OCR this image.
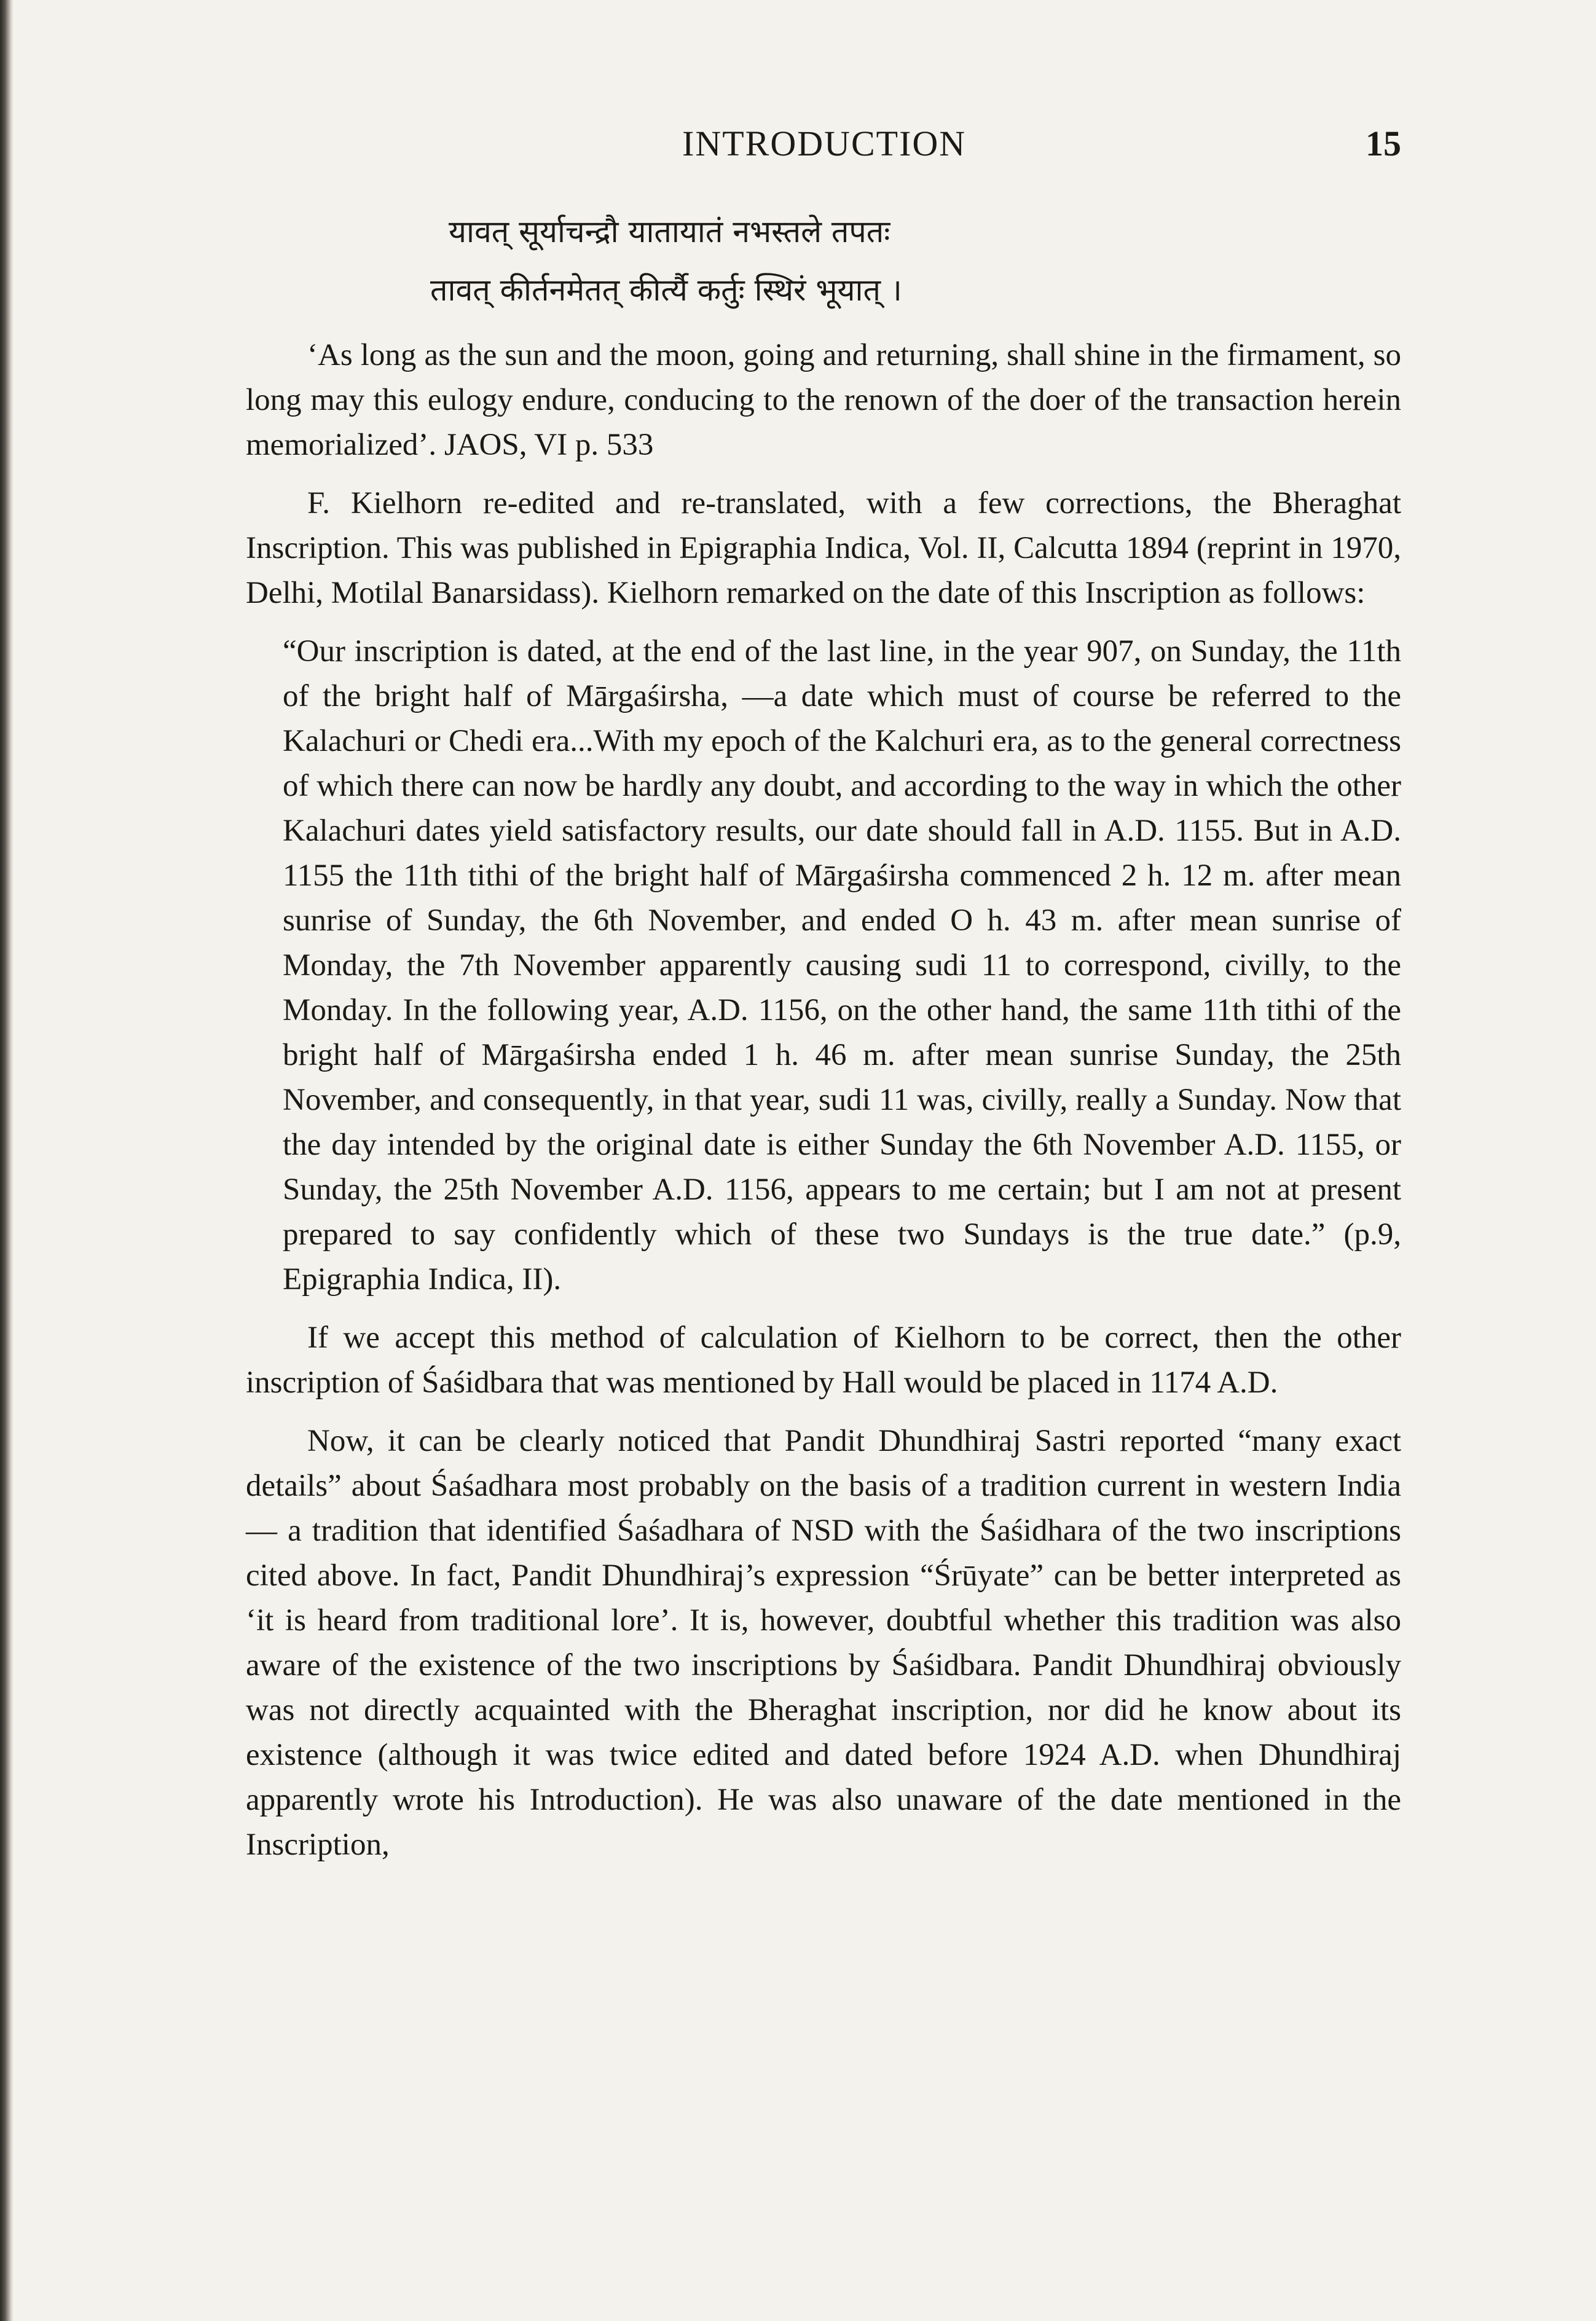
INTRODUCTION	15
यावत् सूर्याचन्द्रौ यातायातं नभस्तले तपतः
तावत् कीर्तनमेतत् कीर्त्यै कर्तुः स्थिरं भूयात् ।

‘As long as the sun and the moon, going and returning, shall shine in the firmament, so long may this eulogy endure, conducing to the renown of the doer of the transaction herein memorialized’. JAOS, VI p. 533

F. Kielhorn re-edited and re-translated, with a few corrections, the Bheraghat Inscription. This was published in Epigraphia Indica, Vol. II, Calcutta 1894 (reprint in 1970, Delhi, Motilal Banarsidass). Kielhorn remarked on the date of this Inscription as follows:

“Our inscription is dated, at the end of the last line, in the year 907, on Sunday, the 11th of the bright half of Mārgaśirsha, —a date which must of course be referred to the Kalachuri or Chedi era...With my epoch of the Kalchuri era, as to the general correctness of which there can now be hardly any doubt, and according to the way in which the other Kalachuri dates yield satisfactory results, our date should fall in A.D. 1155. But in A.D. 1155 the 11th tithi of the bright half of Mārgaśirsha commenced 2 h. 12 m. after mean sunrise of Sunday, the 6th November, and ended O h. 43 m. after mean sunrise of Monday, the 7th November apparently causing sudi 11 to correspond, civilly, to the Monday. In the following year, A.D. 1156, on the other hand, the same 11th tithi of the bright half of Mārgaśirsha ended 1 h. 46 m. after mean sunrise Sunday, the 25th November, and consequently, in that year, sudi 11 was, civilly, really a Sunday. Now that the day intended by the original date is either Sunday the 6th November A.D. 1155, or Sunday, the 25th November A.D. 1156, appears to me certain; but I am not at present prepared to say confidently which of these two Sundays is the true date.” (p.9, Epigraphia Indica, II).

If we accept this method of calculation of Kielhorn to be correct, then the other inscription of Śaśidbara that was mentioned by Hall would be placed in 1174 A.D.

Now, it can be clearly noticed that Pandit Dhundhiraj Sastri reported “many exact details” about Śaśadhara most probably on the basis of a tradition current in western India — a tradition that identified Śaśadhara of NSD with the Śaśidhara of the two inscriptions cited above. In fact, Pandit Dhundhiraj’s expression “Śrūyate” can be better interpreted as ‘it is heard from traditional lore’. It is, however, doubtful whether this tradition was also aware of the existence of the two inscriptions by Śaśidbara. Pandit Dhundhiraj obviously was not directly acquainted with the Bheraghat inscription, nor did he know about its existence (although it was twice edited and dated before 1924 A.D. when Dhundhiraj apparently wrote his Introduction). He was also unaware of the date mentioned in the Inscription,
